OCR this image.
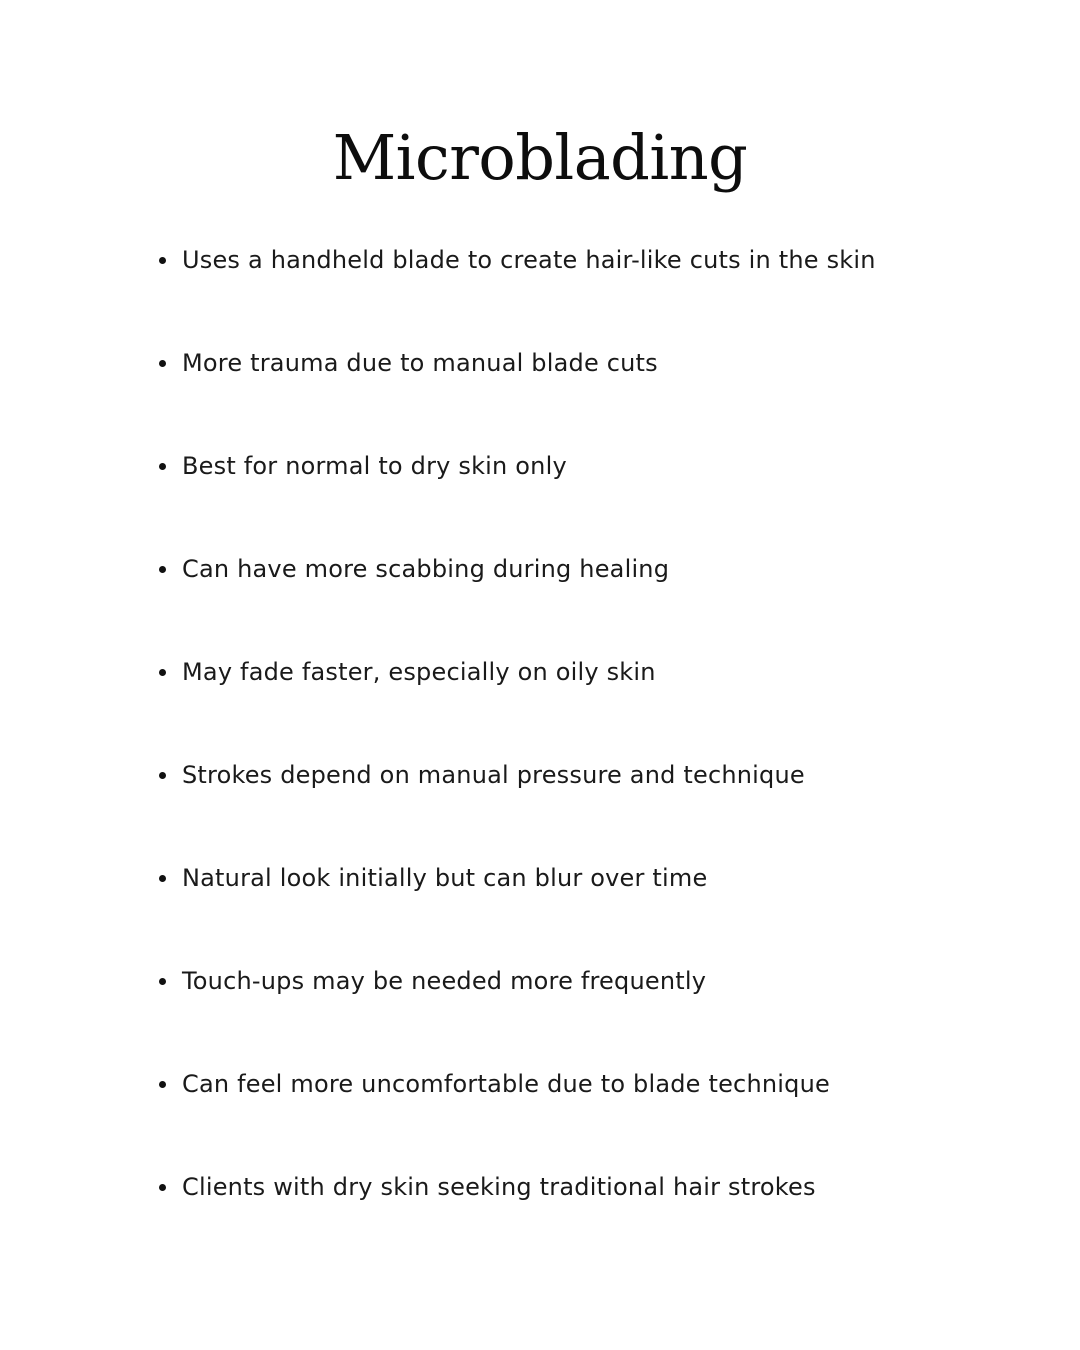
Microblading
Uses a handheld blade to create hair-like cuts in the skin
More trauma due to manual blade cuts
Best for normal to dry skin only
Can have more scabbing during healing
May fade faster, especially on oily skin
Strokes depend on manual pressure and technique
Natural look initially but can blur over time
Touch-ups may be needed more frequently
Can feel more uncomfortable due to blade technique
Clients with dry skin seeking traditional hair strokes
